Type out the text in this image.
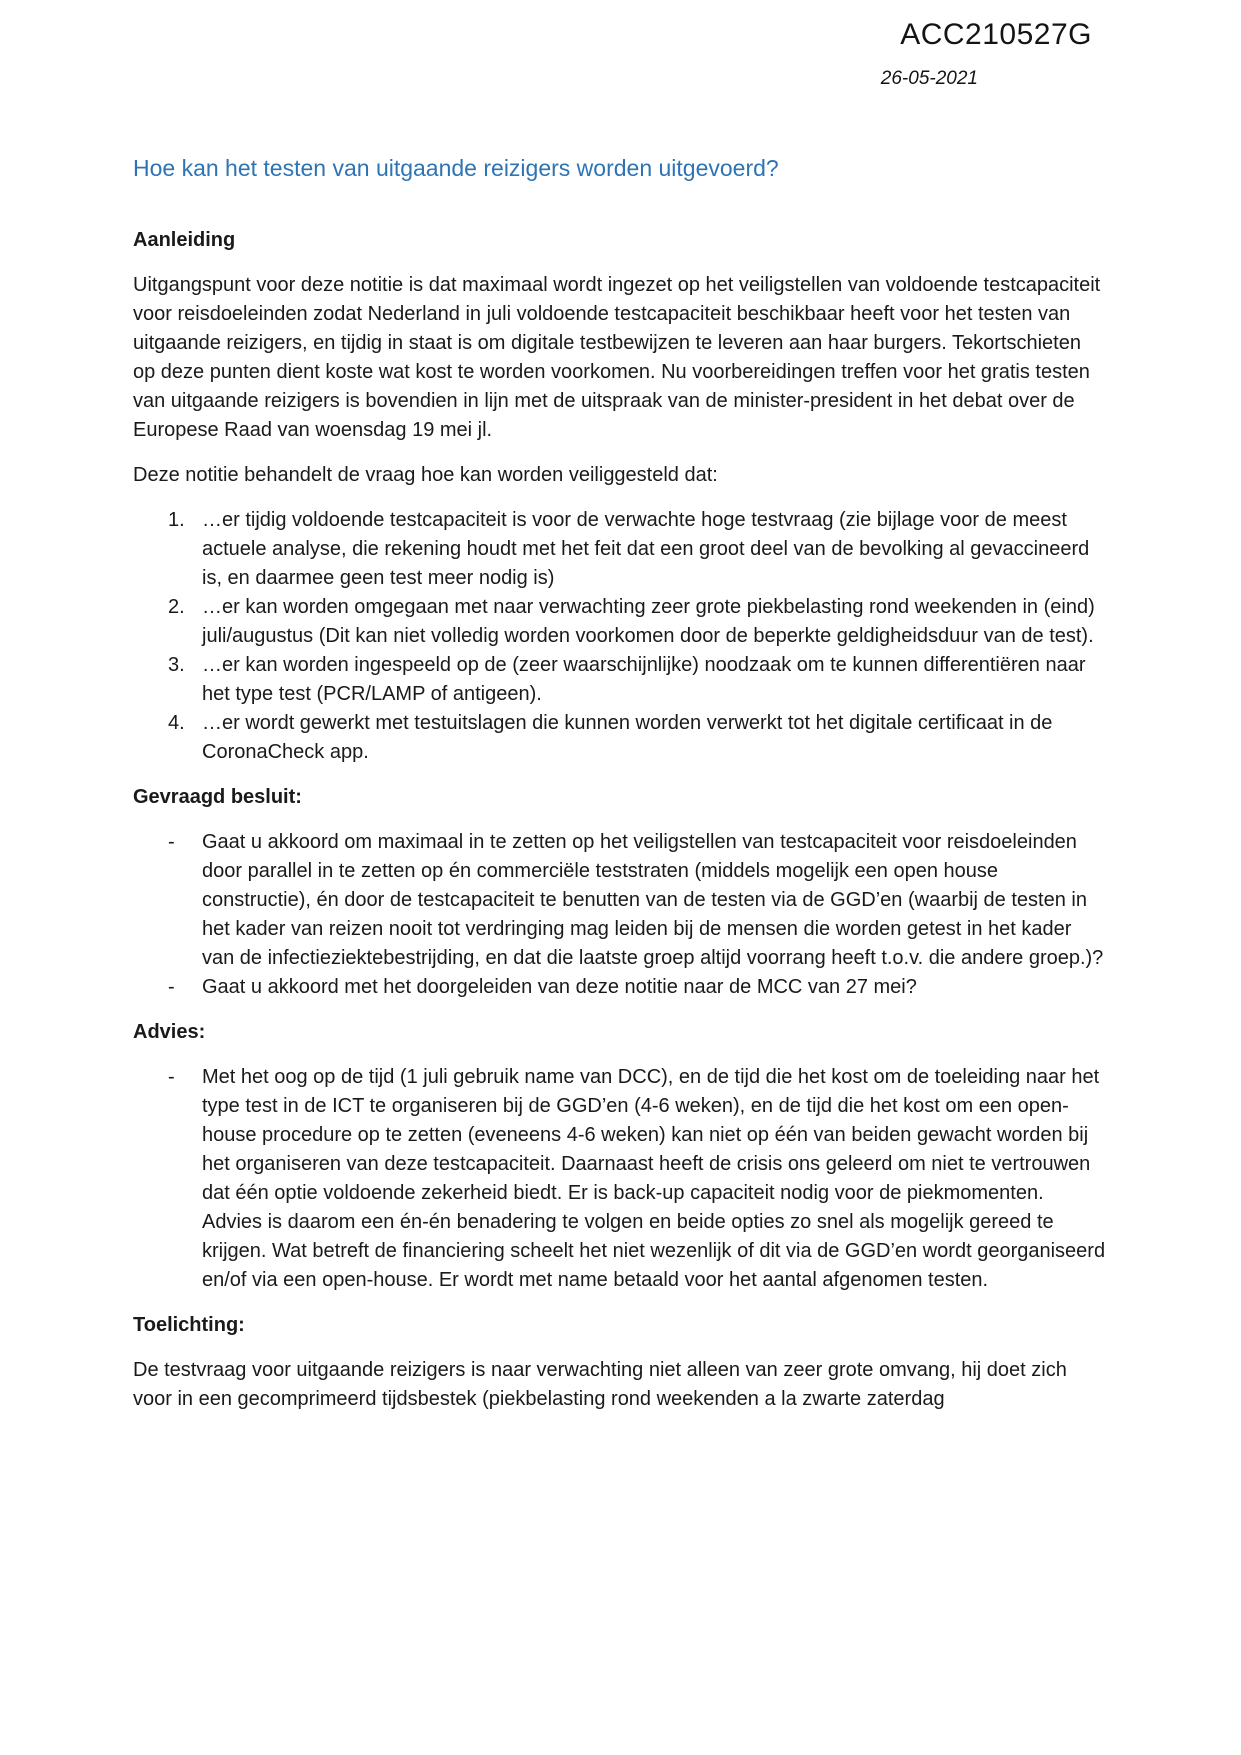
ACC210527G
26-05-2021
Hoe kan het testen van uitgaande reizigers worden uitgevoerd?
Aanleiding

Uitgangspunt voor deze notitie is dat maximaal wordt ingezet op het veiligstellen van voldoende testcapaciteit voor reisdoeleinden zodat Nederland in juli voldoende testcapaciteit beschikbaar heeft voor het testen van uitgaande reizigers, en tijdig in staat is om digitale testbewijzen te leveren aan haar burgers. Tekortschieten op deze punten dient koste wat kost te worden voorkomen. Nu voorbereidingen treffen voor het gratis testen van uitgaande reizigers is bovendien in lijn met de uitspraak van de minister-president in het debat over de Europese Raad van woensdag 19 mei jl.

Deze notitie behandelt de vraag hoe kan worden veiliggesteld dat:

…er tijdig voldoende testcapaciteit is voor de verwachte hoge testvraag (zie bijlage voor de meest actuele analyse, die rekening houdt met het feit dat een groot deel van de bevolking al gevaccineerd is, en daarmee geen test meer nodig is)
…er kan worden omgegaan met naar verwachting zeer grote piekbelasting rond weekenden in (eind) juli/augustus (Dit kan niet volledig worden voorkomen door de beperkte geldigheidsduur van de test).
…er kan worden ingespeeld op de (zeer waarschijnlijke) noodzaak om te kunnen differentiëren naar het type test (PCR/LAMP of antigeen).
…er wordt gewerkt met testuitslagen die kunnen worden verwerkt tot het digitale certificaat in de CoronaCheck app.
Gevraagd besluit:
- Gaat u akkoord om maximaal in te zetten op het veiligstellen van testcapaciteit voor reisdoeleinden door parallel in te zetten op én commerciële teststraten (middels mogelijk een open house constructie), én door de testcapaciteit te benutten van de testen via de GGD’en (waarbij de testen in het kader van reizen nooit tot verdringing mag leiden bij de mensen die worden getest in het kader van de infectieziektebestrijding, en dat die laatste groep altijd voorrang heeft t.o.v. die andere groep.)?
- Gaat u akkoord met het doorgeleiden van deze notitie naar de MCC van 27 mei?
Advies:
- Met het oog op de tijd (1 juli gebruik name van DCC), en de tijd die het kost om de toeleiding naar het type test in de ICT te organiseren bij de GGD’en (4-6 weken), en de tijd die het kost om een open-house procedure op te zetten (eveneens 4-6 weken) kan niet op één van beiden gewacht worden bij het organiseren van deze testcapaciteit. Daarnaast heeft de crisis ons geleerd om niet te vertrouwen dat één optie voldoende zekerheid biedt. Er is back-up capaciteit nodig voor de piekmomenten. Advies is daarom een én-én benadering te volgen en beide opties zo snel als mogelijk gereed te krijgen. Wat betreft de financiering scheelt het niet wezenlijk of dit via de GGD’en wordt georganiseerd en/of via een open-house. Er wordt met name betaald voor het aantal afgenomen testen.
Toelichting:

De testvraag voor uitgaande reizigers is naar verwachting niet alleen van zeer grote omvang, hij doet zich voor in een gecomprimeerd tijdsbestek (piekbelasting rond weekenden a la zwarte zaterdag
